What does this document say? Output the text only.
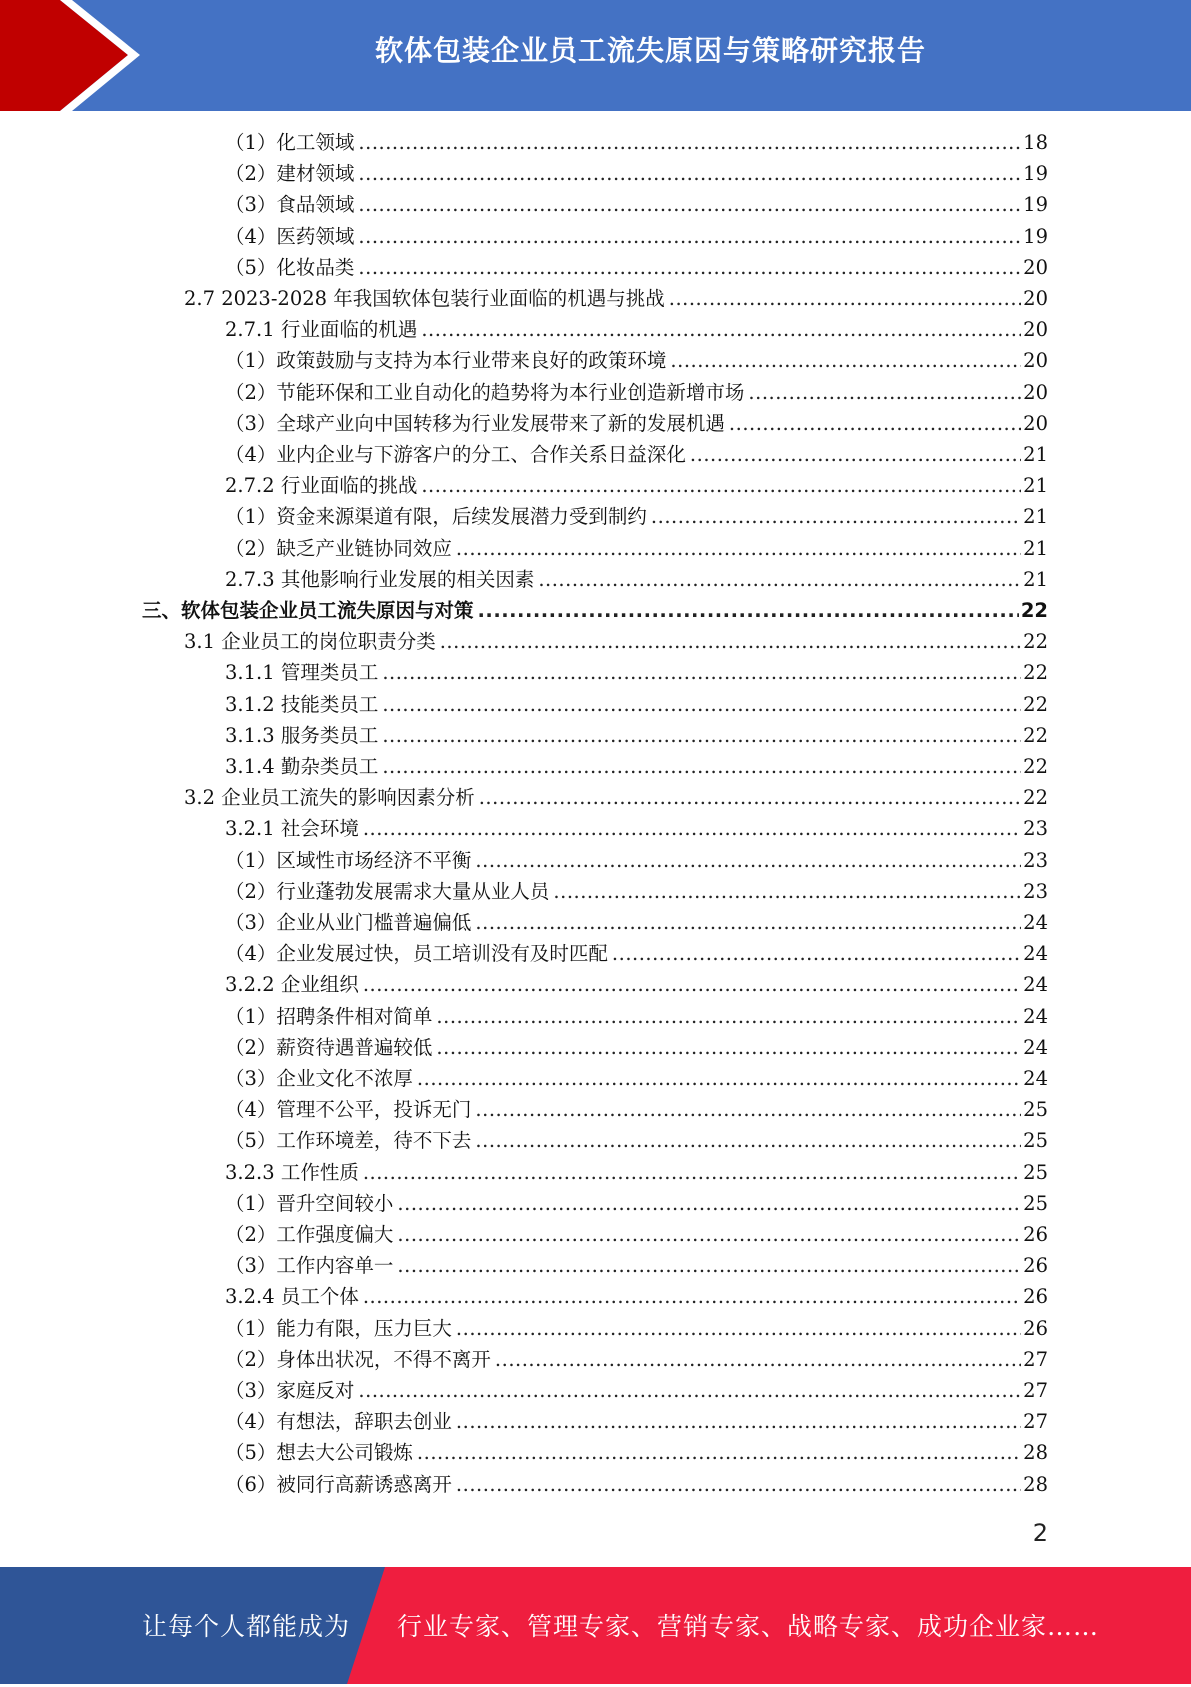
软体包装企业员工流失原因与策略研究报告
（1）化工领域 .....	18
（2）建材领域 .....	19
（3）食品领域 .....	19
（4）医药领域 .....	19
（5）化妆品类 .....	20
2.7 2023-2028 年我国软体包装行业面临的机遇与挑战 .....	20
2.7.1 行业面临的机遇 .....	20
（1）政策鼓励与支持为本行业带来良好的政策环境 .....	20
（2）节能环保和工业自动化的趋势将为本行业创造新增市场 .....	20
（3）全球产业向中国转移为行业发展带来了新的发展机遇 .....	20
（4）业内企业与下游客户的分工、合作关系日益深化 .....	21
2.7.2 行业面临的挑战 .....	21
（1）资金来源渠道有限，后续发展潜力受到制约 .....	21
（2）缺乏产业链协同效应 .....	21
2.7.3 其他影响行业发展的相关因素 .....	21
三、软体包装企业员工流失原因与对策 .....	22
3.1 企业员工的岗位职责分类 .....	22
3.1.1 管理类员工 .....	22
3.1.2 技能类员工 .....	22
3.1.3 服务类员工 .....	22
3.1.4 勤杂类员工 .....	22
3.2 企业员工流失的影响因素分析 .....	22
3.2.1 社会环境 .....	23
（1）区域性市场经济不平衡 .....	23
（2）行业蓬勃发展需求大量从业人员 .....	23
（3）企业从业门槛普遍偏低 .....	24
（4）企业发展过快，员工培训没有及时匹配 .....	24
3.2.2 企业组织 .....	24
（1）招聘条件相对简单 .....	24
（2）薪资待遇普遍较低 .....	24
（3）企业文化不浓厚 .....	24
（4）管理不公平，投诉无门 .....	25
（5）工作环境差，待不下去 .....	25
3.2.3 工作性质 .....	25
（1）晋升空间较小 .....	25
（2）工作强度偏大 .....	26
（3）工作内容单一 .....	26
3.2.4 员工个体 .....	26
（1）能力有限，压力巨大 .....	26
（2）身体出状况，不得不离开 .....	27
（3）家庭反对 .....	27
（4）有想法，辞职去创业 .....	27
（5）想去大公司锻炼 .....	28
（6）被同行高薪诱惑离开 .....	28
2
让每个人都能成为 行业专家、管理专家、营销专家、战略专家、成功企业家……
